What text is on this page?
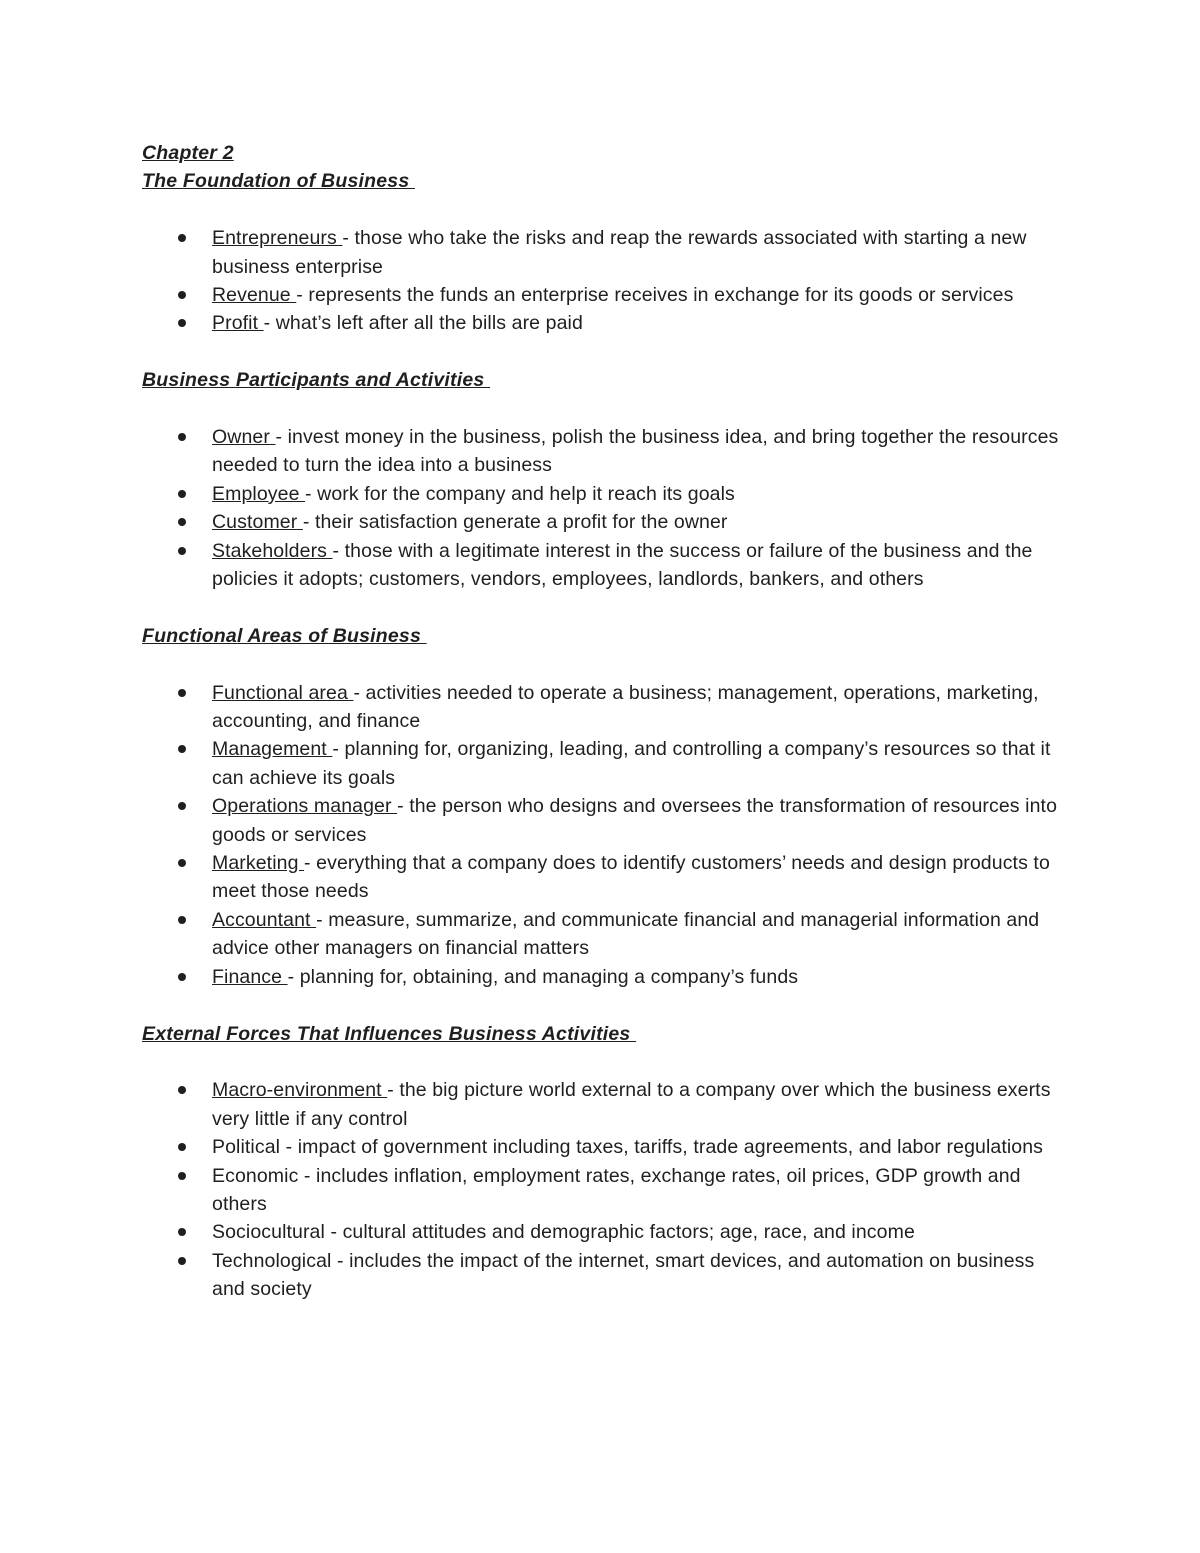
Chapter 2
The Foundation of Business
Entrepreneurs - those who take the risks and reap the rewards associated with starting a new business enterprise
Revenue - represents the funds an enterprise receives in exchange for its goods or services
Profit - what’s left after all the bills are paid
Business Participants and Activities
Owner - invest money in the business, polish the business idea, and bring together the resources needed to turn the idea into a business
Employee - work for the company and help it reach its goals
Customer - their satisfaction generate a profit for the owner
Stakeholders - those with a legitimate interest in the success or failure of the business and the policies it adopts; customers, vendors, employees, landlords, bankers, and others
Functional Areas of Business
Functional area - activities needed to operate a business; management, operations, marketing, accounting, and finance
Management - planning for, organizing, leading, and controlling a company’s resources so that it can achieve its goals
Operations manager - the person who designs and oversees the transformation of resources into goods or services
Marketing - everything that a company does to identify customers’ needs and design products to meet those needs
Accountant - measure, summarize, and communicate financial and managerial information and advice other managers on financial matters
Finance - planning for, obtaining, and managing a company’s funds
External Forces That Influences Business Activities
Macro-environment - the big picture world external to a company over which the business exerts very little if any control
Political - impact of government including taxes, tariffs, trade agreements, and labor regulations
Economic - includes inflation, employment rates, exchange rates, oil prices, GDP growth and others
Sociocultural - cultural attitudes and demographic factors; age, race, and income
Technological - includes the impact of the internet, smart devices, and automation on business and society
